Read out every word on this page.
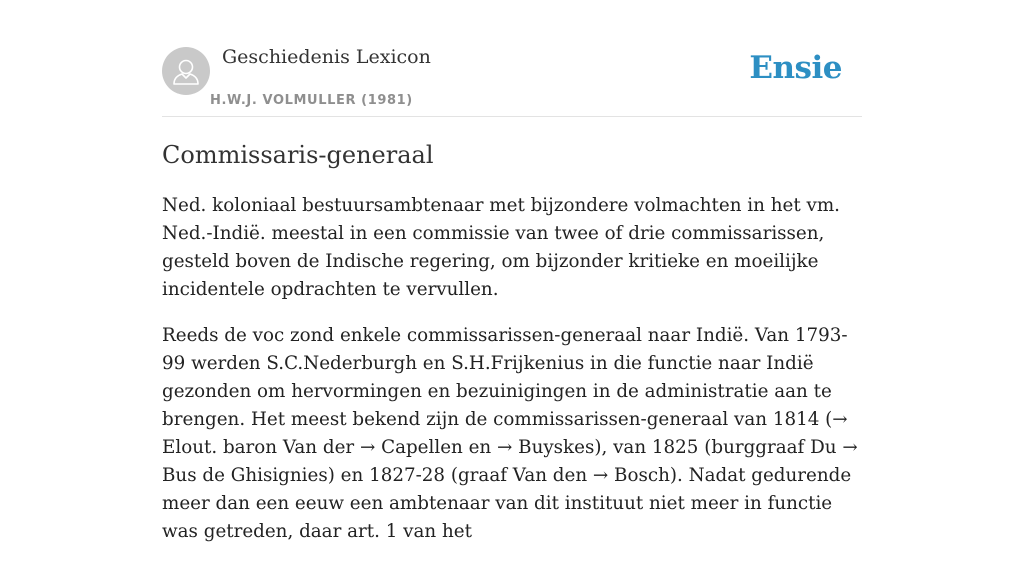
Geschiedenis Lexicon
H.W.J. VOLMULLER (1981)
Ensie
Commissaris-generaal

Ned. koloniaal bestuursambtenaar met bijzondere volmachten in het vm. Ned.-Indië. meestal in een commissie van twee of drie commissarissen, gesteld boven de Indische regering, om bijzonder kritieke en moeilijke incidentele opdrachten te vervullen.

Reeds de voc zond enkele commissarissen-generaal naar Indië. Van 1793-99 werden S.C.Nederburgh en S.H.Frijkenius in die functie naar Indië gezonden om hervormingen en bezuinigingen in de administratie aan te brengen. Het meest bekend zijn de commissarissen-generaal van 1814 (→ Elout. baron Van der → Capellen en → Buyskes), van 1825 (burggraaf Du → Bus de Ghisignies) en 1827-28 (graaf Van den → Bosch). Nadat gedurende meer dan een eeuw een ambtenaar van dit instituut niet meer in functie was getreden, daar art. 1 van het
